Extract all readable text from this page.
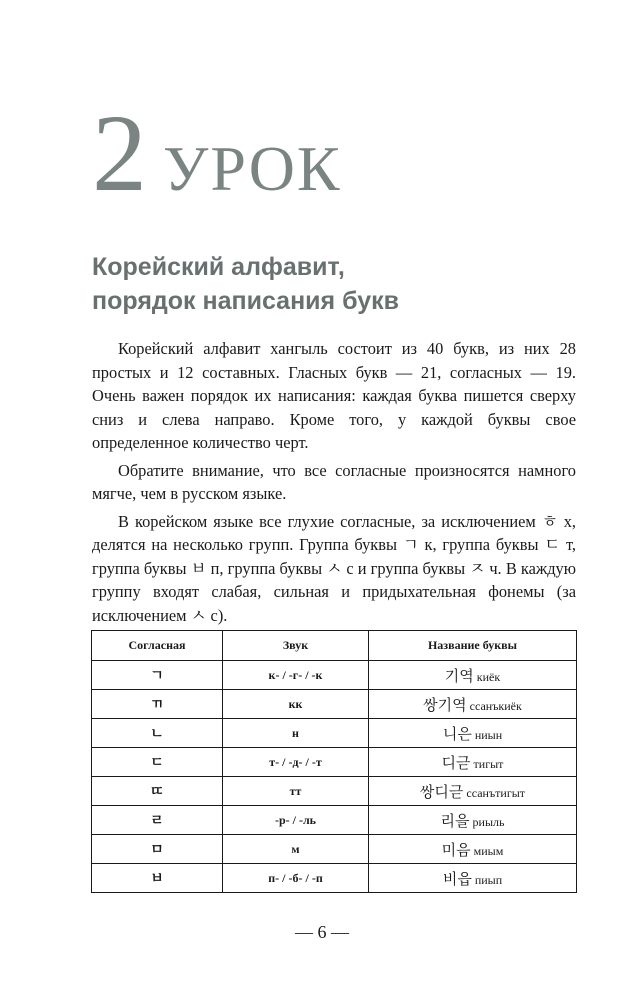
2 УРОК
Корейский алфавит,
порядок написания букв

Корейский алфавит хангыль состоит из 40 букв, из них 28 простых и 12 составных. Гласных букв — 21, согласных — 19. Очень важен порядок их написания: каждая буква пишется сверху сниз и слева направо. Кроме того, у каждой буквы свое определенное количество черт.

Обратите внимание, что все согласные произносятся намного мягче, чем в русском языке.

В корейском языке все глухие согласные, за исключением ㅎ х, делятся на несколько групп. Группа буквы ㄱ к, группа буквы ㄷ т, группа буквы ㅂ п, группа буквы ㅅ с и группа буквы ㅈ ч. В каждую группу входят слабая, сильная и придыхательная фонемы (за исключением ㅅ с).

Согласная	Звук	Название буквы
ㄱ	к- / -г- / -к	기역 киёк
ㄲ	кк	쌍기역 ссанъкиёк
ㄴ	н	니은 ниын
ㄷ	т- / -д- / -т	디귿 тигыт
ㄸ	тт	쌍디귿 ссанътигыт
ㄹ	-р- / -ль	리을 риыль
ㅁ	м	미음 миым
ㅂ	п- / -б- / -п	비읍 пиып
— 6 —
